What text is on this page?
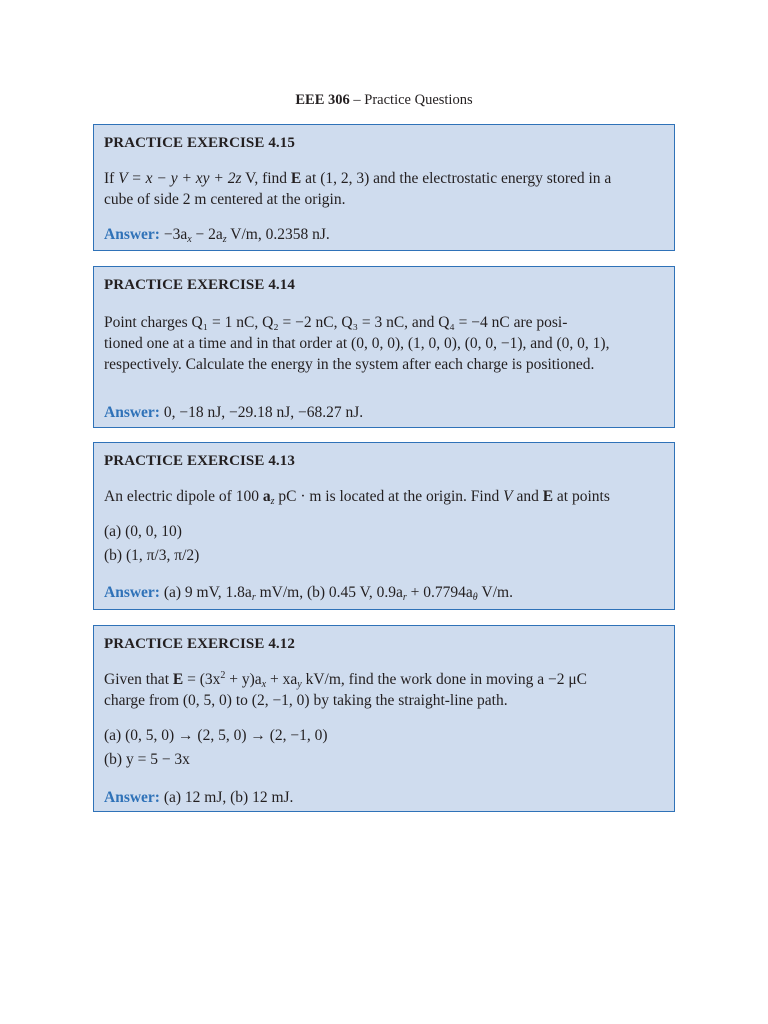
EEE 306 – Practice Questions
PRACTICE EXERCISE 4.15
If V = x − y + xy + 2z V, find E at (1, 2, 3) and the electrostatic energy stored in a
cube of side 2 m centered at the origin.
Answer: $-3a_x - 2a_z$ V/m, 0.2358 nJ.
PRACTICE EXERCISE 4.14
Point charges Q₁ = 1 nC, Q₂ = −2 nC, Q₃ = 3 nC, and Q₄ = −4 nC are posi-
tioned one at a time and in that order at (0, 0, 0), (1, 0, 0), (0, 0, −1), and (0, 0, 1),
respectively. Calculate the energy in the system after each charge is positioned.
Answer: 0, −18 nJ, −29.18 nJ, −68.27 nJ.
PRACTICE EXERCISE 4.13
An electric dipole of 100 $a_z$ pC · m is located at the origin. Find V and E at points
(a) (0, 0, 10)
(b) (1, π/3, π/2)
Answer: (a) 9 mV, $1.8a_r$ mV/m, (b) 0.45 V, $0.9a_r + 0.7794a_\theta$ V/m.
PRACTICE EXERCISE 4.12
Given that $E = (3x^2 + y)a_x + xa_y$ kV/m, find the work done in moving a −2 μC
charge from (0, 5, 0) to (2, −1, 0) by taking the straight-line path.
(a) (0, 5, 0) → (2, 5, 0) → (2, −1, 0)
(b) y = 5 − 3x
Answer: (a) 12 mJ, (b) 12 mJ.
